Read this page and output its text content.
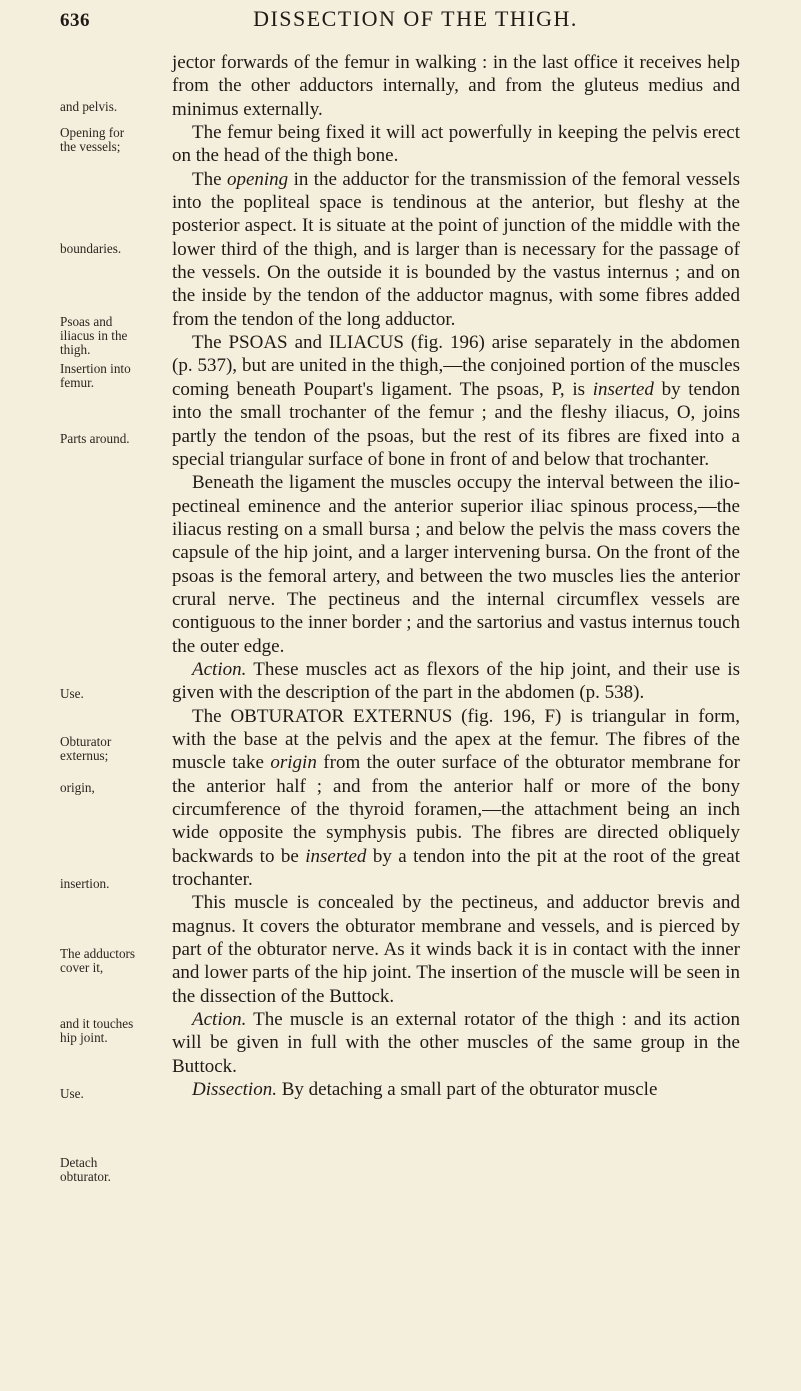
636	DISSECTION OF THE THIGH.
and pelvis.
Opening for the vessels;
boundaries.
Psoas and iliacus in the thigh.
Insertion into femur.
Parts around.
Use.
Obturator externus;
origin,
insertion.
The adductors cover it,
and it touches hip joint.
Use.
Detach obturator.

jector forwards of the femur in walking : in the last office it receives help from the other adductors internally, and from the gluteus medius and minimus externally.

The femur being fixed it will act powerfully in keeping the pelvis erect on the head of the thigh bone.

The opening in the adductor for the transmission of the femoral vessels into the popliteal space is tendinous at the anterior, but fleshy at the posterior aspect. It is situate at the point of junction of the middle with the lower third of the thigh, and is larger than is necessary for the passage of the vessels. On the outside it is bounded by the vastus internus ; and on the inside by the tendon of the adductor magnus, with some fibres added from the tendon of the long adductor.

The PSOAS and ILIACUS (fig. 196) arise separately in the abdomen (p. 537), but are united in the thigh,—the conjoined portion of the muscles coming beneath Poupart's ligament. The psoas, P, is inserted by tendon into the small trochanter of the femur ; and the fleshy iliacus, O, joins partly the tendon of the psoas, but the rest of its fibres are fixed into a special triangular surface of bone in front of and below that trochanter.

Beneath the ligament the muscles occupy the interval between the ilio-pectineal eminence and the anterior superior iliac spinous process,—the iliacus resting on a small bursa ; and below the pelvis the mass covers the capsule of the hip joint, and a larger intervening bursa. On the front of the psoas is the femoral artery, and between the two muscles lies the anterior crural nerve. The pectineus and the internal circumflex vessels are contiguous to the inner border ; and the sartorius and vastus internus touch the outer edge.

Action. These muscles act as flexors of the hip joint, and their use is given with the description of the part in the abdomen (p. 538).

The OBTURATOR EXTERNUS (fig. 196, F) is triangular in form, with the base at the pelvis and the apex at the femur. The fibres of the muscle take origin from the outer surface of the obturator membrane for the anterior half ; and from the anterior half or more of the bony circumference of the thyroid foramen,—the attachment being an inch wide opposite the symphysis pubis. The fibres are directed obliquely backwards to be inserted by a tendon into the pit at the root of the great trochanter.

This muscle is concealed by the pectineus, and adductor brevis and magnus. It covers the obturator membrane and vessels, and is pierced by part of the obturator nerve. As it winds back it is in contact with the inner and lower parts of the hip joint. The insertion of the muscle will be seen in the dissection of the Buttock.

Action. The muscle is an external rotator of the thigh : and its action will be given in full with the other muscles of the same group in the Buttock.

Dissection. By detaching a small part of the obturator muscle
